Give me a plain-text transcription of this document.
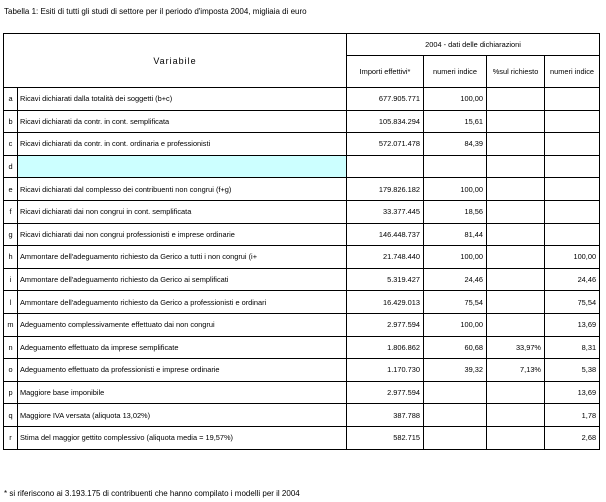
Tabella 1: Esiti di tutti gli studi di settore per il periodo d'imposta 2004, migliaia di euro
Variabile		2004 - dati delle dichiarazioni			
		Importi effettivi*	numeri indice	%sul richiesto	numeri indice
a	Ricavi dichiarati dalla totalità dei soggetti (b+c)	677.905.771	100,00		
b	Ricavi dichiarati da contr. in cont. semplificata	105.834.294	15,61		
c	Ricavi dichiarati da contr. in cont. ordinaria e professionisti	572.071.478	84,39		
d					
e	Ricavi dichiarati dal complesso dei contribuenti non congrui (f+g)	179.826.182	100,00		
f	Ricavi dichiarati dai non congrui in cont. semplificata	33.377.445	18,56		
g	Ricavi dichiarati dai non congrui professionisti e imprese ordinarie	146.448.737	81,44		
h	Ammontare dell'adeguamento richiesto da Gerico a tutti i non congrui (i+	21.748.440	100,00		100,00
i	Ammontare dell'adeguamento richiesto da Gerico ai semplificati	5.319.427	24,46		24,46
l	Ammontare dell'adeguamento richiesto da Gerico a professionisti e ordinari	16.429.013	75,54		75,54
m	Adeguamento complessivamente effettuato dai non congrui	2.977.594	100,00		13,69
n	Adeguamento effettuato da imprese semplificate	1.806.862	60,68	33,97%	8,31
o	Adeguamento effettuato da professionisti e imprese ordinarie	1.170.730	39,32	7,13%	5,38
p	Maggiore base imponibile	2.977.594			13,69
q	Maggiore IVA versata (aliquota 13,02%)	387.788			1,78
r	Stima del maggior gettito complessivo (aliquota media = 19,57%)	582.715			2,68
* si riferiscono ai 3.193.175 di contribuenti che hanno compilato i modelli per il 2004
